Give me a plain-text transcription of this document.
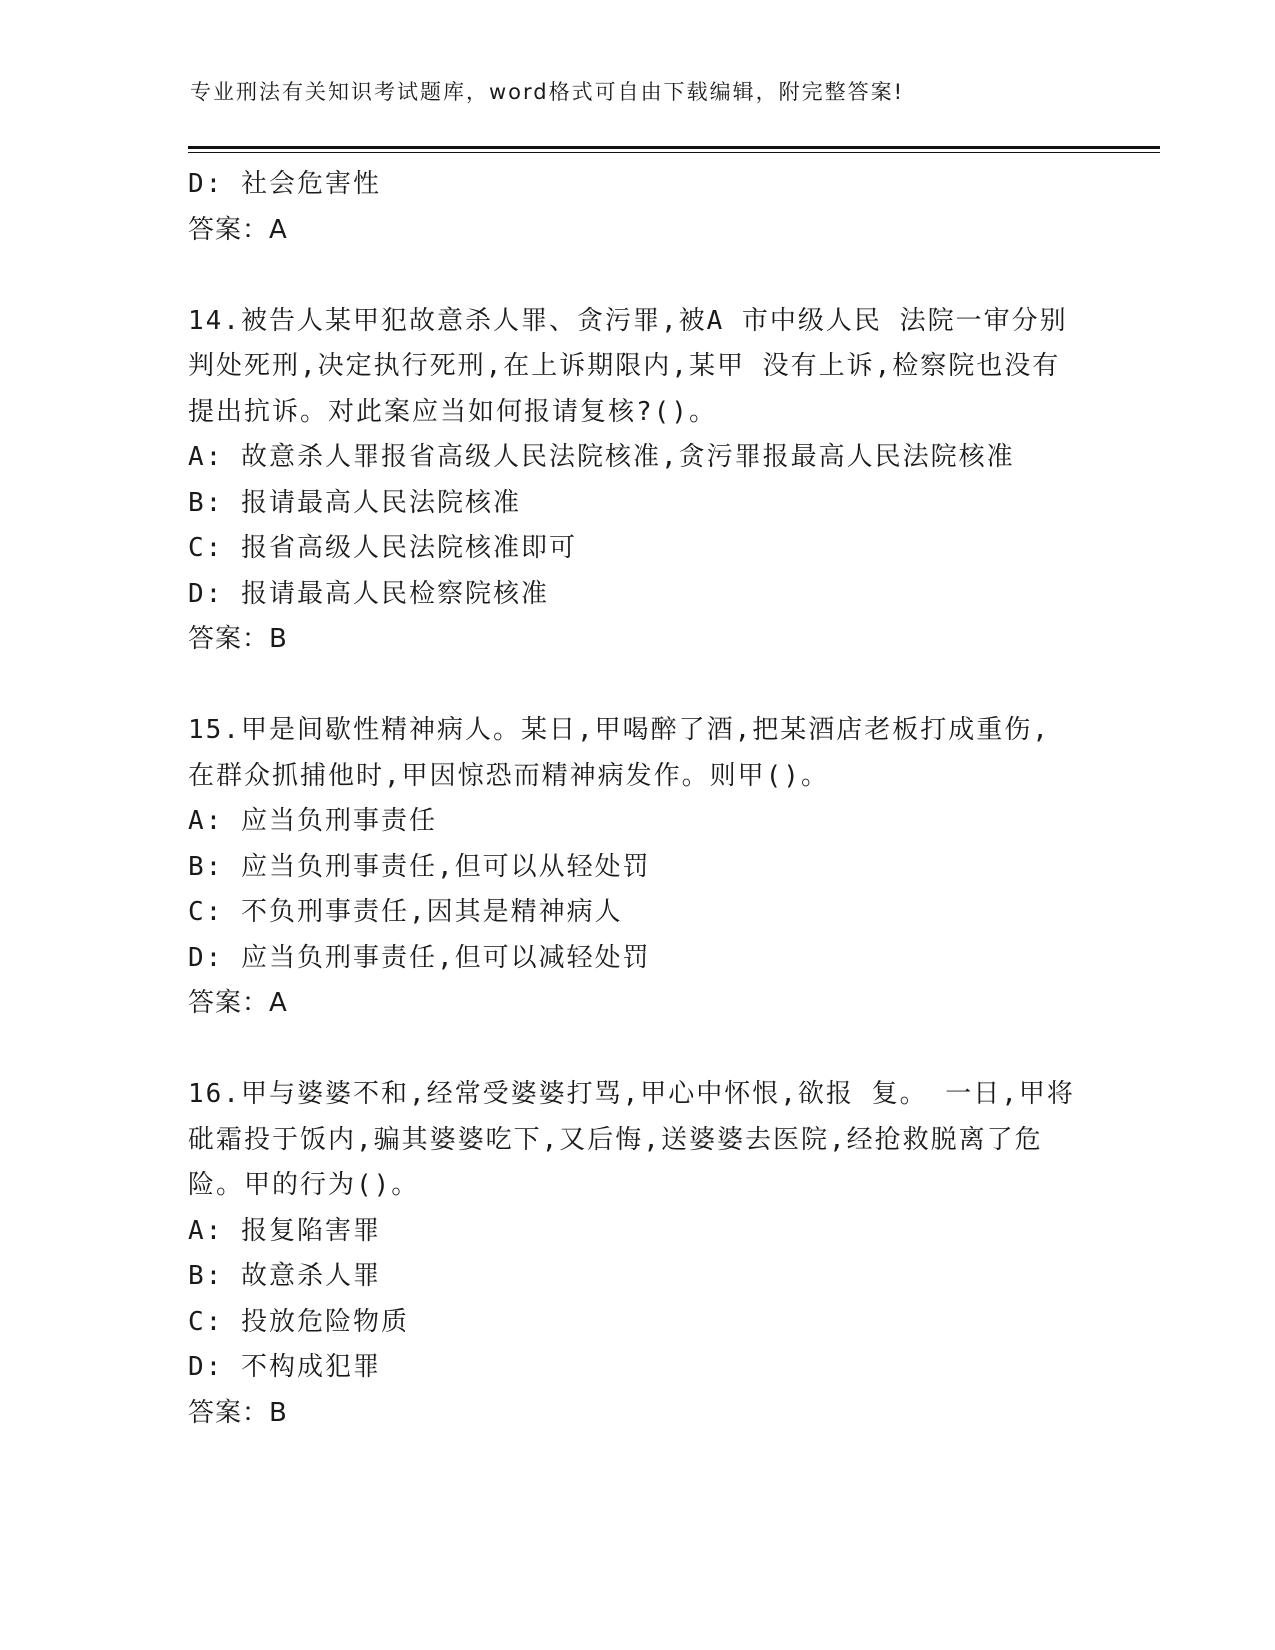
专业刑法有关知识考试题库，word格式可自由下载编辑，附完整答案!
D: 社会危害性
答案：A
14.被告人某甲犯故意杀人罪、贪污罪,被A 市中级人民 法院一审分别
判处死刑,决定执行死刑,在上诉期限内,某甲 没有上诉,检察院也没有
提出抗诉。对此案应当如何报请复核?()。
A: 故意杀人罪报省高级人民法院核准,贪污罪报最高人民法院核准
B: 报请最高人民法院核准
C: 报省高级人民法院核准即可
D: 报请最高人民检察院核准
答案：B
15.甲是间歇性精神病人。某日,甲喝醉了酒,把某酒店老板打成重伤,
在群众抓捕他时,甲因惊恐而精神病发作。则甲()。
A: 应当负刑事责任
B: 应当负刑事责任,但可以从轻处罚
C: 不负刑事责任,因其是精神病人
D: 应当负刑事责任,但可以减轻处罚
答案：A
16.甲与婆婆不和,经常受婆婆打骂,甲心中怀恨,欲报 复。 一日,甲将
砒霜投于饭内,骗其婆婆吃下,又后悔,送婆婆去医院,经抢救脱离了危
险。甲的行为()。
A: 报复陷害罪
B: 故意杀人罪
C: 投放危险物质
D: 不构成犯罪
答案：B
